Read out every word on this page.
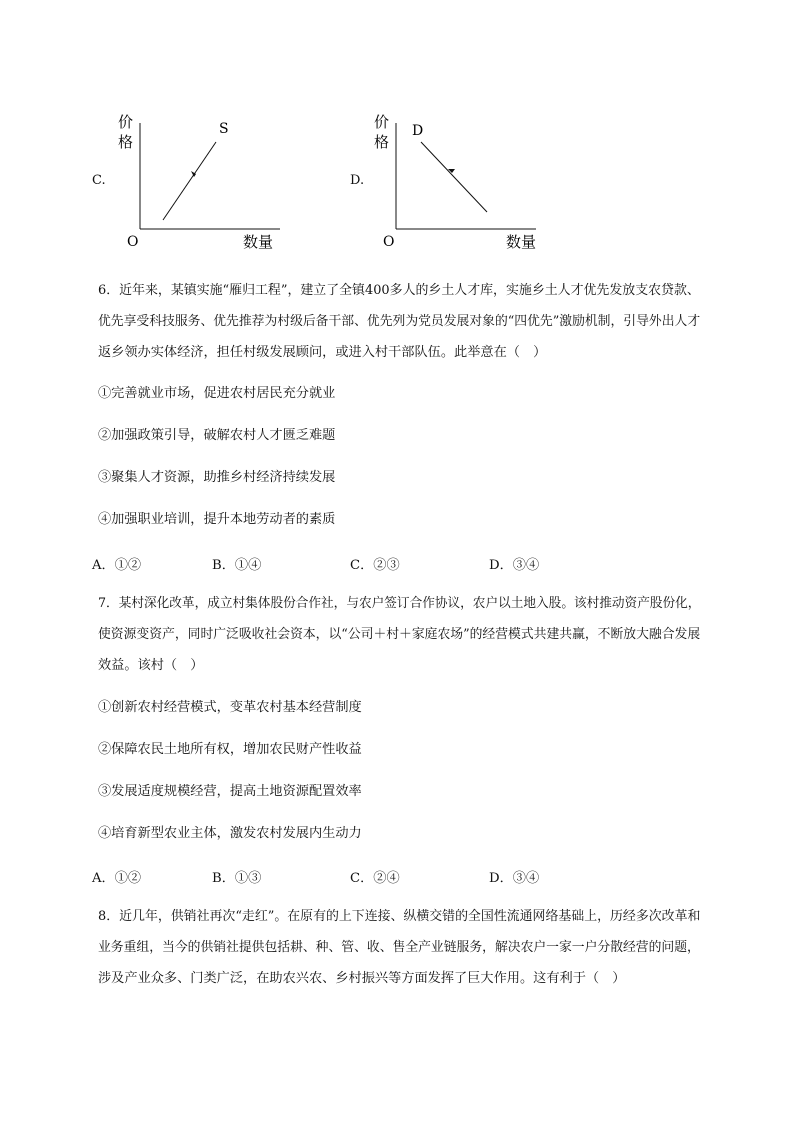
C.
价
格
O	数量
S
D.
价
格
O	数量
D
6．近年来，某镇实施“雁归工程”，建立了全镇400多人的乡土人才库，实施乡土人才优先发放支农贷款、
优先享受科技服务、优先推荐为村级后备干部、优先列为党员发展对象的“四优先”激励机制，引导外出人才
返乡领办实体经济，担任村级发展顾问，或进入村干部队伍。此举意在（　）
①完善就业市场，促进农村居民充分就业
②加强政策引导，破解农村人才匮乏难题
③聚集人才资源，助推乡村经济持续发展
④加强职业培训，提升本地劳动者的素质
A．①②	B．①④	C．②③	D．③④
7．某村深化改革，成立村集体股份合作社，与农户签订合作协议，农户以土地入股。该村推动资产股份化，
使资源变资产，同时广泛吸收社会资本，以“公司＋村＋家庭农场”的经营模式共建共赢，不断放大融合发展
效益。该村（　）
①创新农村经营模式，变革农村基本经营制度
②保障农民土地所有权，增加农民财产性收益
③发展适度规模经营，提高土地资源配置效率
④培育新型农业主体，激发农村发展内生动力
A．①②	B．①③	C．②④	D．③④
8．近几年，供销社再次“走红”。在原有的上下连接、纵横交错的全国性流通网络基础上，历经多次改革和
业务重组，当今的供销社提供包括耕、种、管、收、售全产业链服务，解决农户一家一户分散经营的问题，
涉及产业众多、门类广泛，在助农兴农、乡村振兴等方面发挥了巨大作用。这有利于（　）
